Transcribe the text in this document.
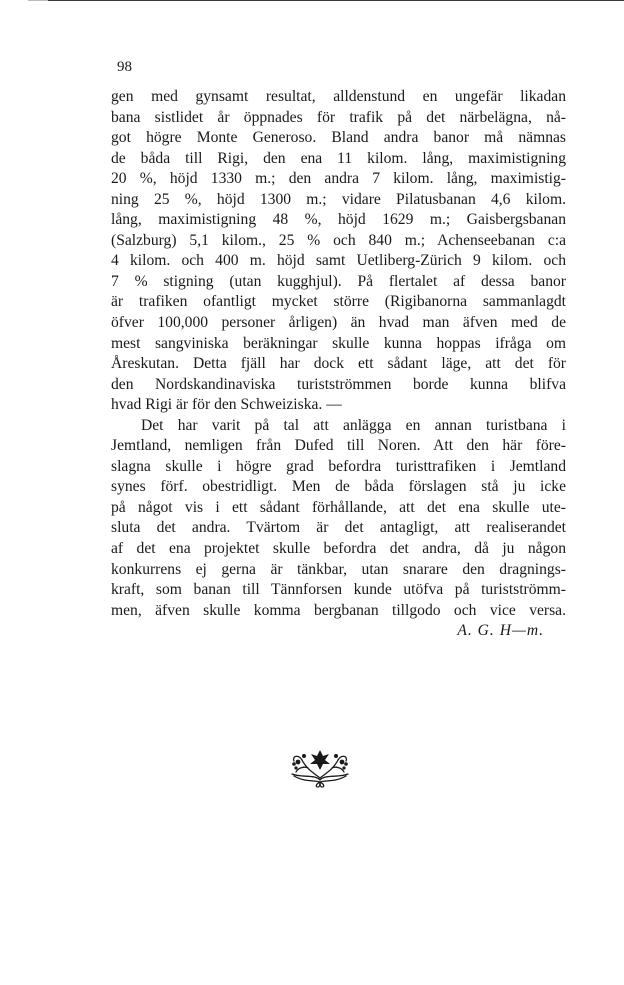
98
gen med gynsamt resultat, alldenstund en ungefär likadan
bana sistlidet år öppnades för trafik på det närbelägna, nå-
got högre Monte Generoso. Bland andra banor må nämnas
de båda till Rigi, den ena 11 kilom. lång, maximistigning
20 %, höjd 1330 m.; den andra 7 kilom. lång, maximistig-
ning 25 %, höjd 1300 m.; vidare Pilatusbanan 4,6 kilom.
lång, maximistigning 48 %, höjd 1629 m.; Gaisbergsbanan
(Salzburg) 5,1 kilom., 25 % och 840 m.; Achenseebanan c:a
4 kilom. och 400 m. höjd samt Uetliberg-Zürich 9 kilom. och
7 % stigning (utan kugghjul). På flertalet af dessa banor
är trafiken ofantligt mycket större (Rigibanorna sammanlagdt
öfver 100,000 personer årligen) än hvad man äfven med de
mest sangviniska beräkningar skulle kunna hoppas ifråga om
Åreskutan. Detta fjäll har dock ett sådant läge, att det för
den Nordskandinaviska turistströmmen borde kunna blifva
hvad Rigi är för den Schweiziska. —
Det har varit på tal att anlägga en annan turistbana i
Jemtland, nemligen från Dufed till Noren. Att den här före-
slagna skulle i högre grad befordra turisttrafiken i Jemtland
synes förf. obestridligt. Men de båda förslagen stå ju icke
på något vis i ett sådant förhållande, att det ena skulle ute-
sluta det andra. Tvärtom är det antagligt, att realiserandet
af det ena projektet skulle befordra det andra, då ju någon
konkurrens ej gerna är tänkbar, utan snarare den dragnings-
kraft, som banan till Tännforsen kunde utöfva på turistströmm-
men, äfven skulle komma bergbanan tillgodo och vice versa.
A. G. H—m.
